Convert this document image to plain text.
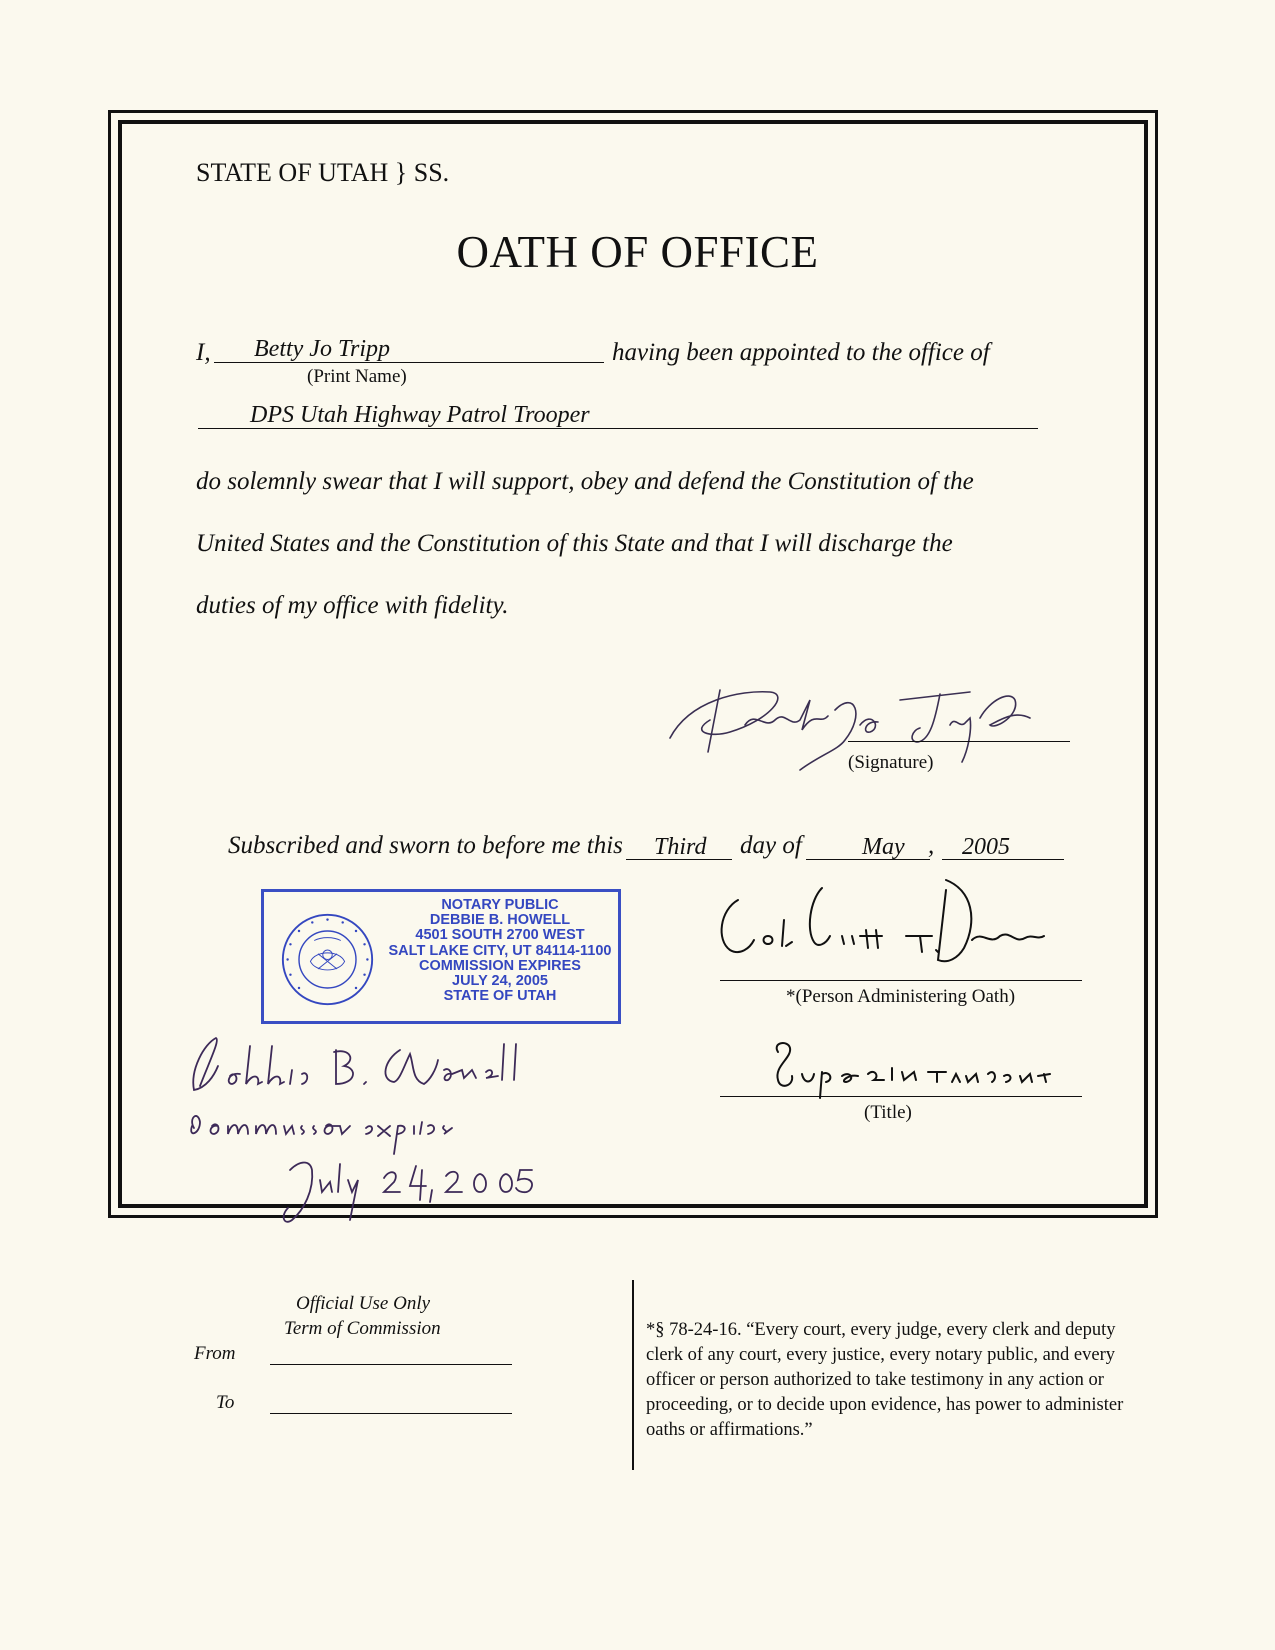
STATE OF UTAH } SS.
OATH OF OFFICE
I, Betty Jo Tripp
(Print Name)
having been appointed to the office of
DPS Utah Highway Patrol Trooper
do solemnly swear that I will support, obey and defend the Constitution of the
United States and the Constitution of this State and that I will discharge the
duties of my office with fidelity.
(Signature)
Subscribed and sworn to before me this Third day of	May , 2005
NOTARY PUBLIC
DEBBIE B. HOWELL
4501 SOUTH 2700 WEST
SALT LAKE CITY, UT 84114-1100
COMMISSION EXPIRES
JULY 24, 2005
STATE OF UTAH	*(Person Administering Oath)
(Title)
Official Use Only
Term of Commission
From
To
*§ 78-24-16. “Every court, every judge, every clerk and deputy clerk of any court, every justice, every notary public, and every officer or person authorized to take testimony in any action or proceeding, or to decide upon evidence, has power to administer oaths or affirmations.”
